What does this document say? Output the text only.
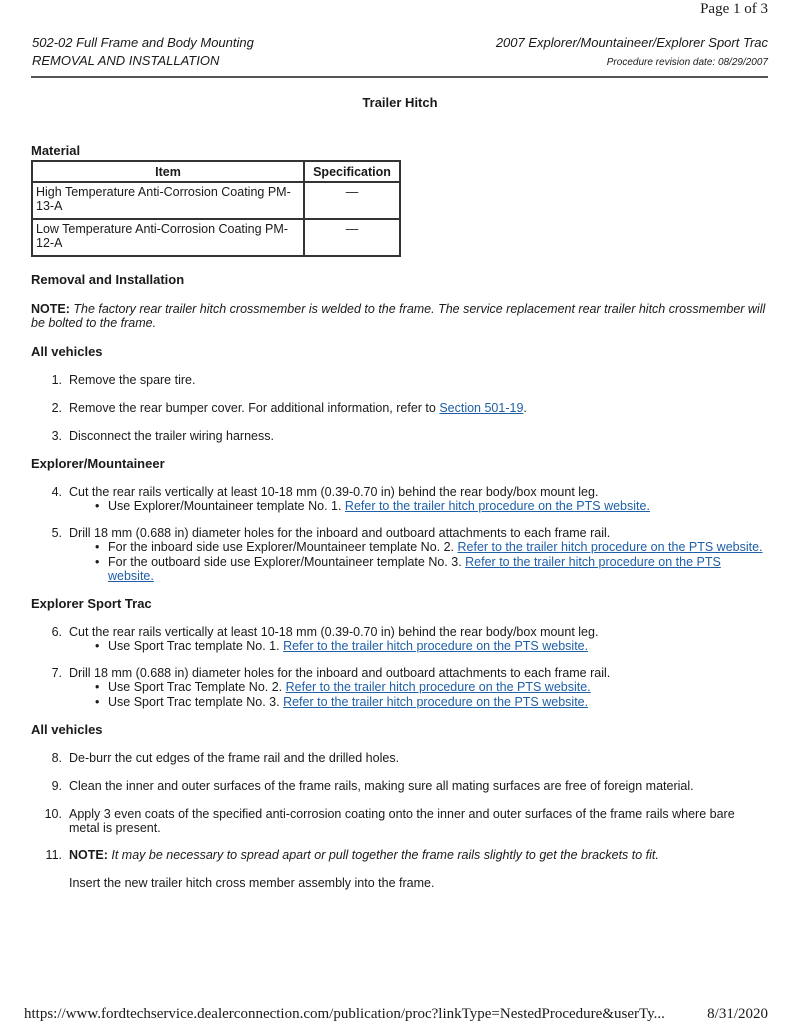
Page 1 of 3
502-02 Full Frame and Body Mounting	2007 Explorer/Mountaineer/Explorer Sport Trac
REMOVAL AND INSTALLATION	Procedure revision date: 08/29/2007
Trailer Hitch
Material
Item	Specification
High Temperature Anti-Corrosion Coating PM-13-A	—
Low Temperature Anti-Corrosion Coating PM-12-A	—
Removal and Installation
NOTE: The factory rear trailer hitch crossmember is welded to the frame. The service replacement rear trailer hitch crossmember will be bolted to the frame.
All vehicles
1. Remove the spare tire.
2. Remove the rear bumper cover. For additional information, refer to Section 501-19.
3. Disconnect the trailer wiring harness.
Explorer/Mountaineer
4. Cut the rear rails vertically at least 10-18 mm (0.39-0.70 in) behind the rear body/box mount leg.
• Use Explorer/Mountaineer template No. 1. Refer to the trailer hitch procedure on the PTS website.
5. Drill 18 mm (0.688 in) diameter holes for the inboard and outboard attachments to each frame rail.
• For the inboard side use Explorer/Mountaineer template No. 2. Refer to the trailer hitch procedure on the PTS website.
• For the outboard side use Explorer/Mountaineer template No. 3. Refer to the trailer hitch procedure on the PTS website.
Explorer Sport Trac
6. Cut the rear rails vertically at least 10-18 mm (0.39-0.70 in) behind the rear body/box mount leg.
• Use Sport Trac template No. 1. Refer to the trailer hitch procedure on the PTS website.
7. Drill 18 mm (0.688 in) diameter holes for the inboard and outboard attachments to each frame rail.
• Use Sport Trac Template No. 2. Refer to the trailer hitch procedure on the PTS website.
• Use Sport Trac template No. 3. Refer to the trailer hitch procedure on the PTS website.
All vehicles
8. De-burr the cut edges of the frame rail and the drilled holes.
9. Clean the inner and outer surfaces of the frame rails, making sure all mating surfaces are free of foreign material.
10. Apply 3 even coats of the specified anti-corrosion coating onto the inner and outer surfaces of the frame rails where bare metal is present.
11. NOTE: It may be necessary to spread apart or pull together the frame rails slightly to get the brackets to fit.
Insert the new trailer hitch cross member assembly into the frame.
https://www.fordtechservice.dealerconnection.com/publication/proc?linkType=NestedProcedure&userTy...	8/31/2020
